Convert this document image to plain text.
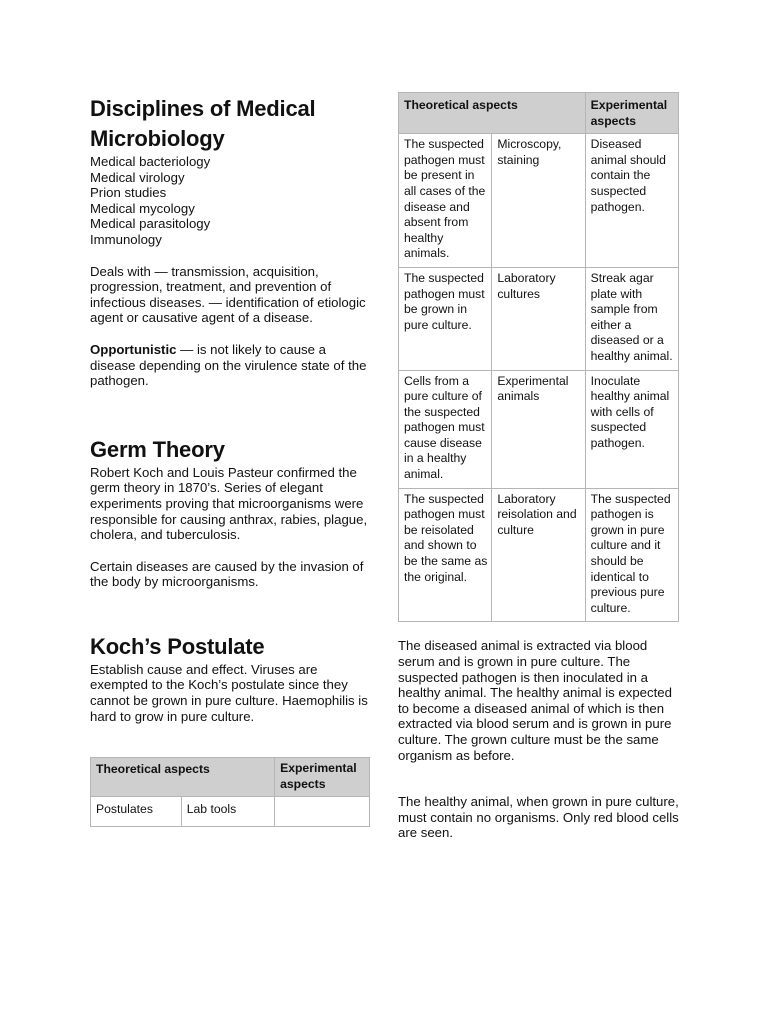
Disciplines of Medical Microbiology
Medical bacteriology
Medical virology
Prion studies
Medical mycology
Medical parasitology
Immunology

Deals with — transmission, acquisition, progression, treatment, and prevention of infectious diseases. — identification of etiologic agent or causative agent of a disease.

Opportunistic — is not likely to cause a disease depending on the virulence state of the pathogen.

Germ Theory

Robert Koch and Louis Pasteur confirmed the germ theory in 1870’s. Series of elegant experiments proving that microorganisms were responsible for causing anthrax, rabies, plague, cholera, and tuberculosis.

Certain diseases are caused by the invasion of the body by microorganisms.

Koch’s Postulate

Establish cause and effect. Viruses are exempted to the Koch’s postulate since they cannot be grown in pure culture. Haemophilis is hard to grow in pure culture.

Theoretical aspects		Experimental aspects
Postulates	Lab tools	
Theoretical aspects		Experimental aspects
The suspected pathogen must be present in all cases of the disease and absent from healthy animals.	Microscopy, staining	Diseased animal should contain the suspected pathogen.
The suspected pathogen must be grown in pure culture.	Laboratory cultures	Streak agar plate with sample from either a diseased or a healthy animal.
Cells from a pure culture of the suspected pathogen must cause disease in a healthy animal.	Experimental animals	Inoculate healthy animal with cells of suspected pathogen.
The suspected pathogen must be reisolated and shown to be the same as the original.	Laboratory reisolation and culture	The suspected pathogen is grown in pure culture and it should be identical to previous pure culture.

The diseased animal is extracted via blood serum and is grown in pure culture. The suspected pathogen is then inoculated in a healthy animal. The healthy animal is expected to become a diseased animal of which is then extracted via blood serum and is grown in pure culture. The grown culture must be the same organism as before.

The healthy animal, when grown in pure culture, must contain no organisms. Only red blood cells are seen.
